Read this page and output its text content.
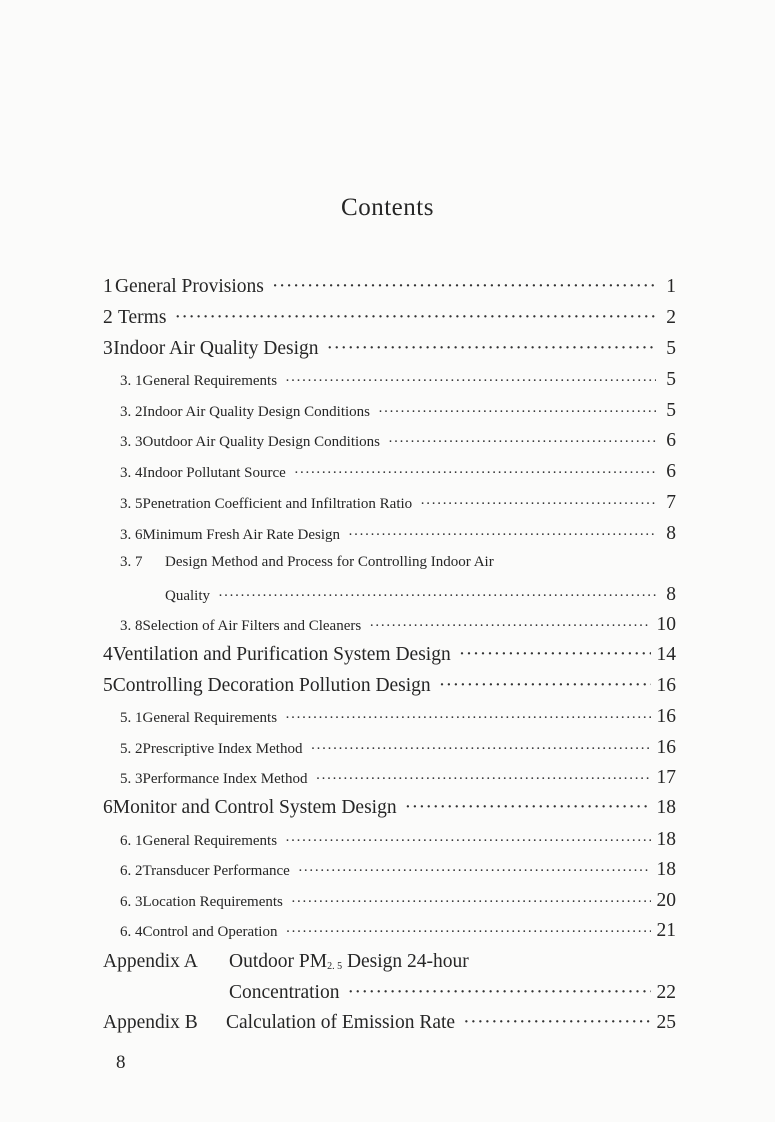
Contents
1 General Provisions ·····	1
2 Terms ·····	2
3 Indoor Air Quality Design ·····	5
3. 1 General Requirements ·····	5
3. 2 Indoor Air Quality Design Conditions ·····	5
3. 3 Outdoor Air Quality Design Conditions ·····	6
3. 4 Indoor Pollutant Source ·····	6
3. 5 Penetration Coefficient and Infiltration Ratio ·····	7
3. 6 Minimum Fresh Air Rate Design ·····	8
3. 7	Design Method and Process for Controlling Indoor Air
Quality ·····	8
3. 8 Selection of Air Filters and Cleaners ·····	10
4 Ventilation and Purification System Design ·····	14
5 Controlling Decoration Pollution Design ·····	16
5. 1 General Requirements ·····	16
5. 2 Prescriptive Index Method ·····	16
5. 3 Performance Index Method ·····	17
6 Monitor and Control System Design ·····	18
6. 1 General Requirements ·····	18
6. 2 Transducer Performance ·····	18
6. 3 Location Requirements ·····	20
6. 4 Control and Operation ·····	21
Appendix A Outdoor $PM_{2. 5}$ Design 24-hour
Concentration ·····	22
Appendix B	Calculation of Emission Rate ·····	25
8
